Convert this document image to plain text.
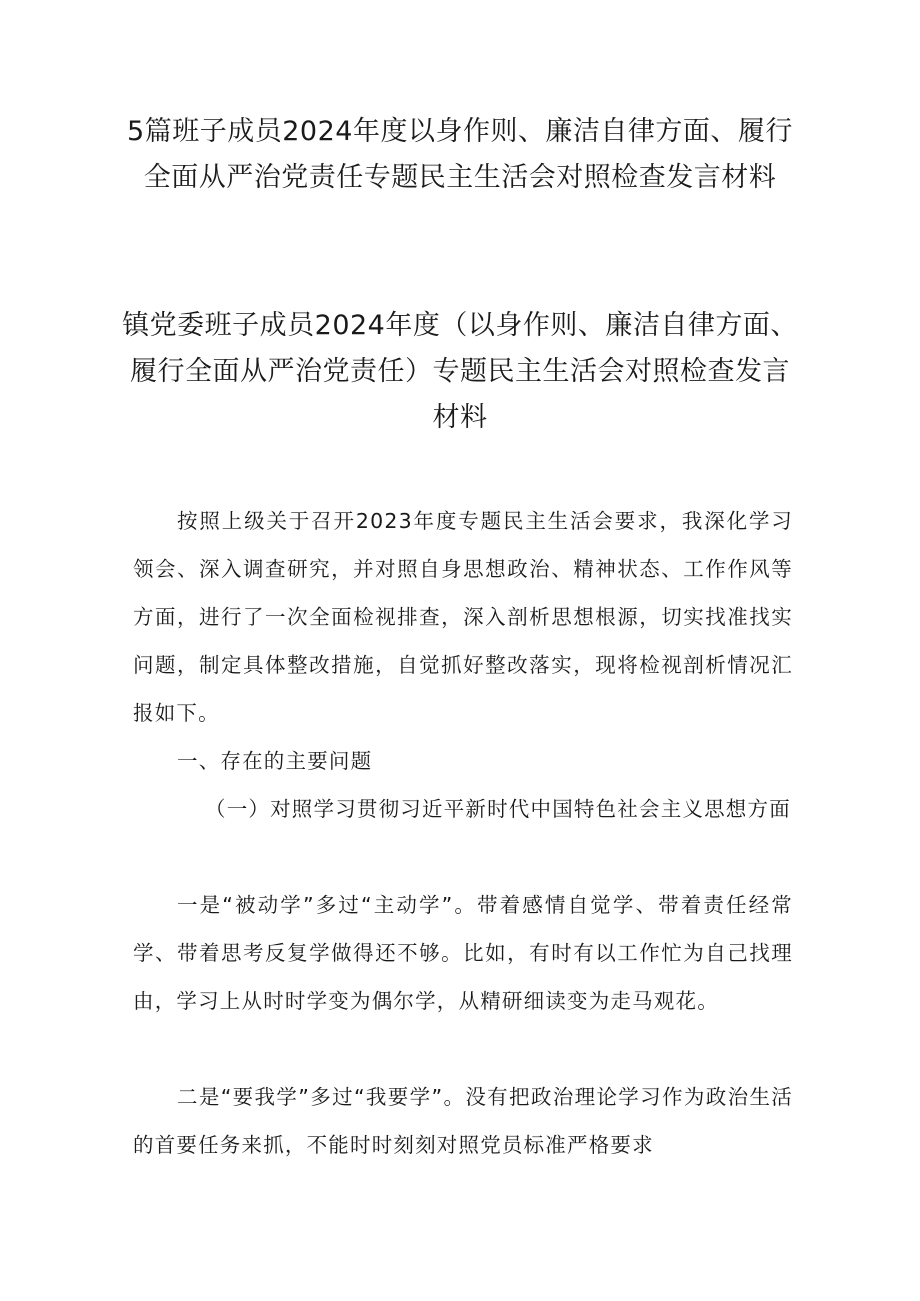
5篇班子成员2024年度以身作则、廉洁自律方面、履行全面从严治党责任专题民主生活会对照检查发言材料
镇党委班子成员2024年度（以身作则、廉洁自律方面、履行全面从严治党责任）专题民主生活会对照检查发言材料

按照上级关于召开2023年度专题民主生活会要求，我深化学习领会、深入调查研究，并对照自身思想政治、精神状态、工作作风等方面，进行了一次全面检视排查，深入剖析思想根源，切实找准找实问题，制定具体整改措施，自觉抓好整改落实，现将检视剖析情况汇报如下。

一、存在的主要问题

（一）对照学习贯彻习近平新时代中国特色社会主义思想方面

一是“被动学”多过“主动学”。带着感情自觉学、带着责任经常学、带着思考反复学做得还不够。比如，有时有以工作忙为自己找理由，学习上从时时学变为偶尔学，从精研细读变为走马观花。

二是“要我学”多过“我要学”。没有把政治理论学习作为政治生活的首要任务来抓，不能时时刻刻对照党员标准严格要求
